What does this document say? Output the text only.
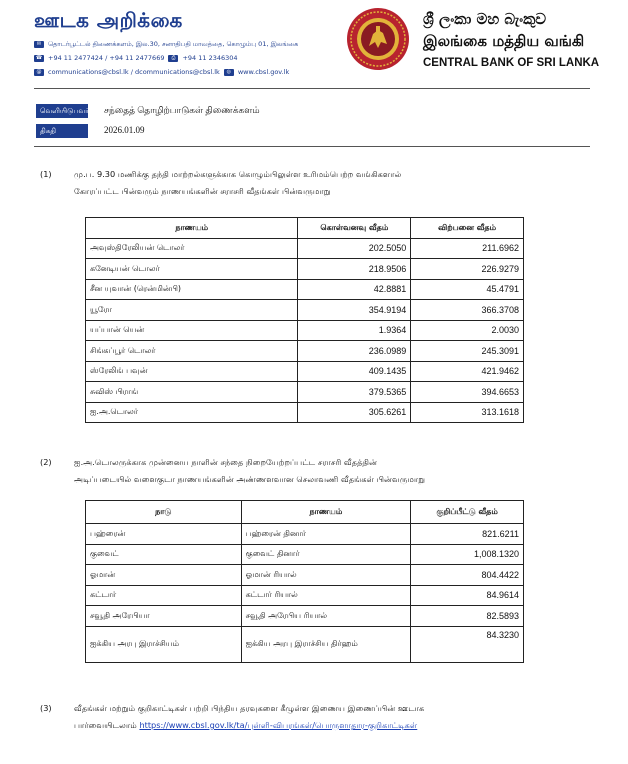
ஊடக அறிக்கை
✉	தொடர்பூட்டல் திணைக்களம், இல.30, சனாதிபதி மாவத்தை, கொழும்பு 01, இலங்கை
☎ +94 11 2477424 / +94 11 2477669	⎙	+94 11 2346304
@	communications@cbsl.lk / dcommunications@cbsl.lk	◎	www.cbsl.gov.lk
ශ්‍රී ලංකා මහ බැංකුව
இலங்கை மத்திய வங்கி
CENTRAL BANK OF SRI LANKA
வெளியிடுபவர் சந்தைத் தொழிற்பாடுகள் திணைக்களம்
திகதி	2026.01.09
(1)	மு.ப. 9.30 மணிக்கு தந்தி மாற்றல்களுக்காக கொழும்பிலுள்ள உரிமம்பெற்ற வங்கிகளால்
கோரப்பட்ட பின்வரும் நாணயங்களின் சராசரி வீதங்கள் பின்வருமாறு
நாணயம்	கொள்வனவு வீதம்	விற்பனை வீதம்
அவுஸ்திரேலியன் டொலர்	202.5050	211.6962
கனேடியன் டொலர்	218.9506	226.9279
சீன யுவான் (ரென்மின்பி)	42.8881	45.4791
யூரோ	354.9194	366.3708
யப்பான் யென்	1.9364	2.0030
சிங்கப்பூர் டொலர்	236.0989	245.3091
ஸ்ரேலிங் பவுன்	409.1435	421.9462
சுவிஸ் பிராங்	379.5365	394.6653
ஐ.அ.டொலர்	305.6261	313.1618
(2)	ஐ.அ.டொலருக்காக முன்னைய நாளின் சந்தை நிறையேற்றப்பட்ட சராசரி வீதத்தின்
அடிப்படையில் வளைகுடா நாணயங்களின் அண்ணளவான செலாவணி வீதங்கள் பின்வருமாறு
நாடு	நாணயம்	குறிப்பீட்டு வீதம்
பஹ்ரைன்	பஹ்ரைன் தினார்	821.6211
குவைட்	குவைட் தினார்	1,008.1320
ஓமான்	ஓமான் ரியால்	804.4422
கட்டார்	கட்டார் ரியால்	84.9614
சவூதி அரேபியா	சவூதி அரேபிய ரியால்	82.5893
ஐக்கிய அரபு இராச்சியம்	ஐக்கிய அரபு இராச்சிய திர்ஹம்	84.3230
(3)	வீதங்கள் மற்றும் குறிகாட்டிகள் பற்றி பிந்திய தரவுகளை கீழுள்ள இணைய இணைப்பின் ஊடாக
பார்வையிடலாம் https://www.cbsl.gov.lk/ta/புள்ளி-விபரங்கள்/பொருளாதார-குறிகாட்டிகள்
